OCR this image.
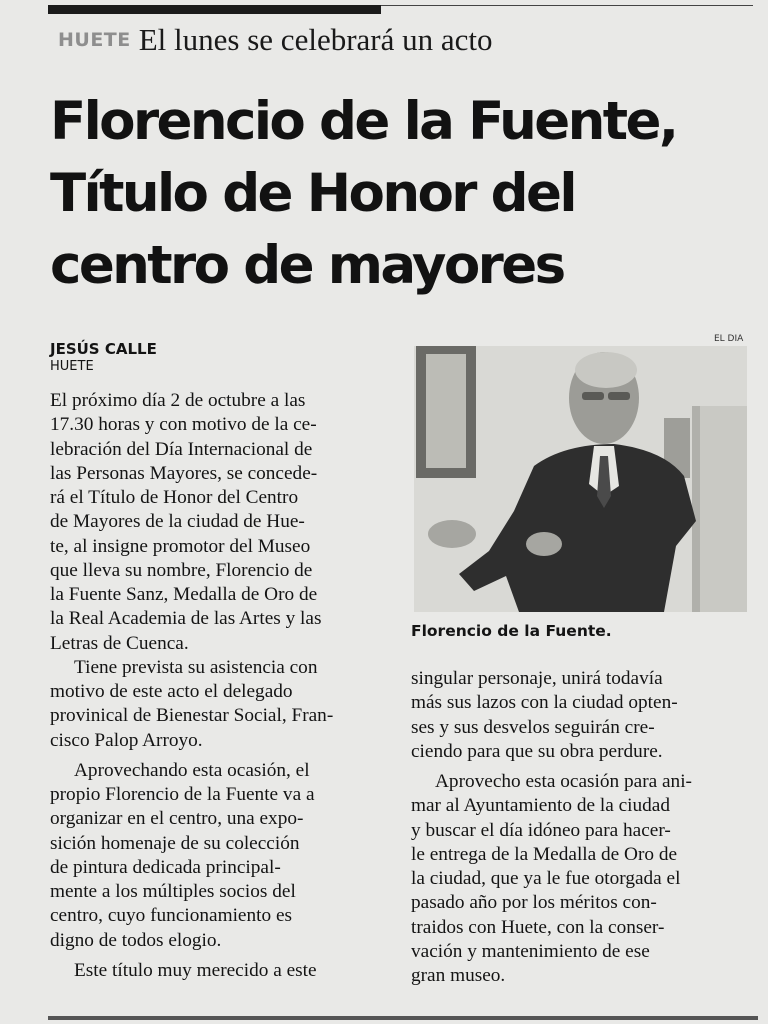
HUETE El lunes se celebrará un acto
Florencio de la Fuente,
Título de Honor del
centro de mayores
JESÚS CALLE
HUETE
El próximo día 2 de octubre a las
17.30 horas y con motivo de la ce-
lebración del Día Internacional de
las Personas Mayores, se concede-
rá el Título de Honor del Centro
de Mayores de la ciudad de Hue-
te, al insigne promotor del Museo
que lleva su nombre, Florencio de
la Fuente Sanz, Medalla de Oro de
la Real Academia de las Artes y las
Letras de Cuenca.
Tiene prevista su asistencia con
motivo de este acto el delegado
provinical de Bienestar Social, Fran-
cisco Palop Arroyo.
Aprovechando esta ocasión, el
propio Florencio de la Fuente va a
organizar en el centro, una expo-
sición homenaje de su colección
de pintura dedicada principal-
mente a los múltiples socios del
centro, cuyo funcionamiento es
digno de todos elogio.
Este título muy merecido a este
EL DIA
Florencio de la Fuente.
singular personaje, unirá todavía
más sus lazos con la ciudad opten-
ses y sus desvelos seguirán cre-
ciendo para que su obra perdure.
Aprovecho esta ocasión para ani-
mar al Ayuntamiento de la ciudad
y buscar el día idóneo para hacer-
le entrega de la Medalla de Oro de
la ciudad, que ya le fue otorgada el
pasado año por los méritos con-
traidos con Huete, con la conser-
vación y mantenimiento de ese
gran museo.
